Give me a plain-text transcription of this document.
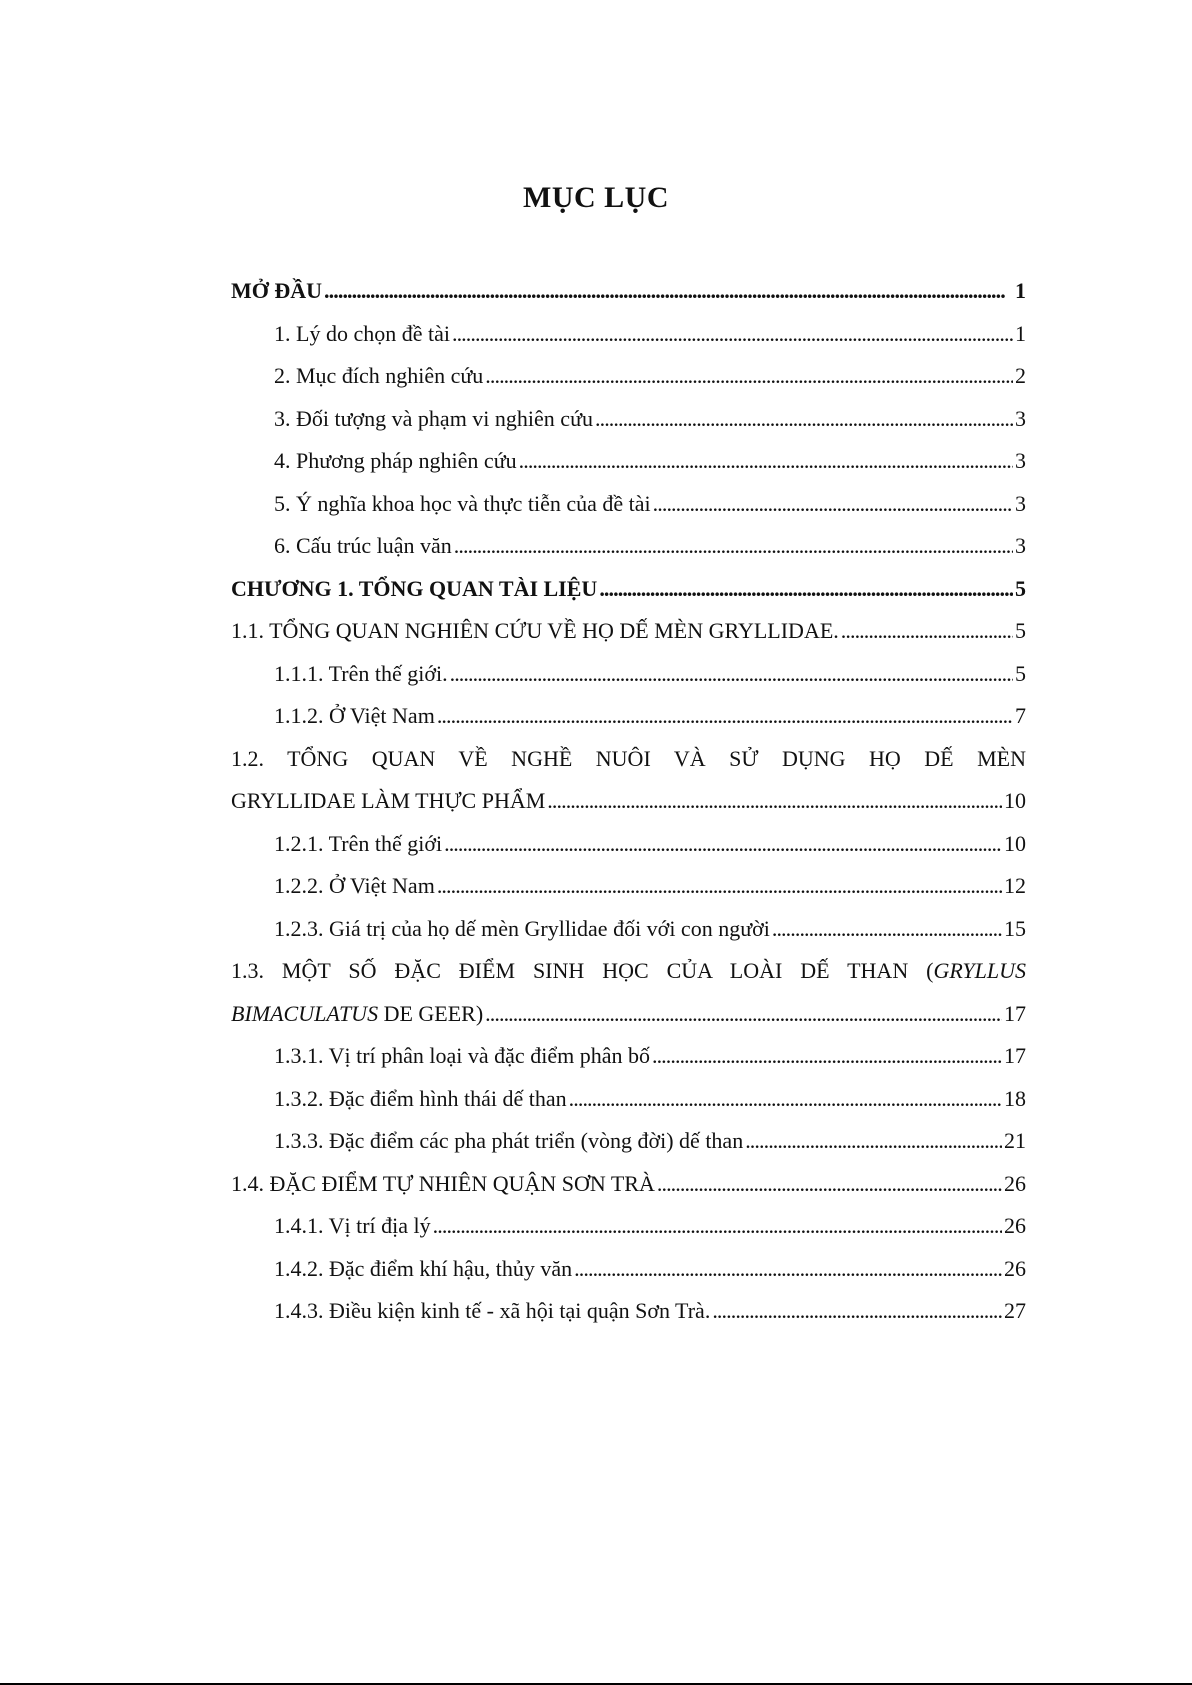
MỤC LỤC
MỞ ĐẦU . . .	1
1. Lý do chọn đề tài . . .	1
2. Mục đích nghiên cứu . . .	2
3. Đối tượng và phạm vi nghiên cứu . . .	3
4. Phương pháp nghiên cứu . . .	3
5. Ý nghĩa khoa học và thực tiễn của đề tài . . .	3
6. Cấu trúc luận văn . . .	3
CHƯƠNG 1. TỔNG QUAN TÀI LIỆU . . .	5
1.1. TỔNG QUAN NGHIÊN CỨU VỀ HỌ DẾ MÈN GRYLLIDAE. . . .	5
1.1.1. Trên thế giới. . . .	5
1.1.2. Ở Việt Nam . . .	7
1.2. TỔNG QUAN VỀ NGHỀ NUÔI VÀ SỬ DỤNG HỌ DẾ MÈN
GRYLLIDAE LÀM THỰC PHẨM . . .	10
1.2.1. Trên thế giới . . .	10
1.2.2. Ở Việt Nam . . .	12
1.2.3. Giá trị của họ dế mèn Gryllidae đối với con người . . .	15
1.3. MỘT SỐ ĐẶC ĐIỂM SINH HỌC CỦA LOÀI DẾ THAN (GRYLLUS
BIMACULATUS DE GEER) . . .	17
1.3.1. Vị trí phân loại và đặc điểm phân bố . . .	17
1.3.2. Đặc điểm hình thái dế than . . .	18
1.3.3. Đặc điểm các pha phát triển (vòng đời) dế than . . .	21
1.4. ĐẶC ĐIỂM TỰ NHIÊN QUẬN SƠN TRÀ . . .	26
1.4.1. Vị trí địa lý . . .	26
1.4.2. Đặc điểm khí hậu, thủy văn . . .	26
1.4.3. Điều kiện kinh tế - xã hội tại quận Sơn Trà. . . .	27
